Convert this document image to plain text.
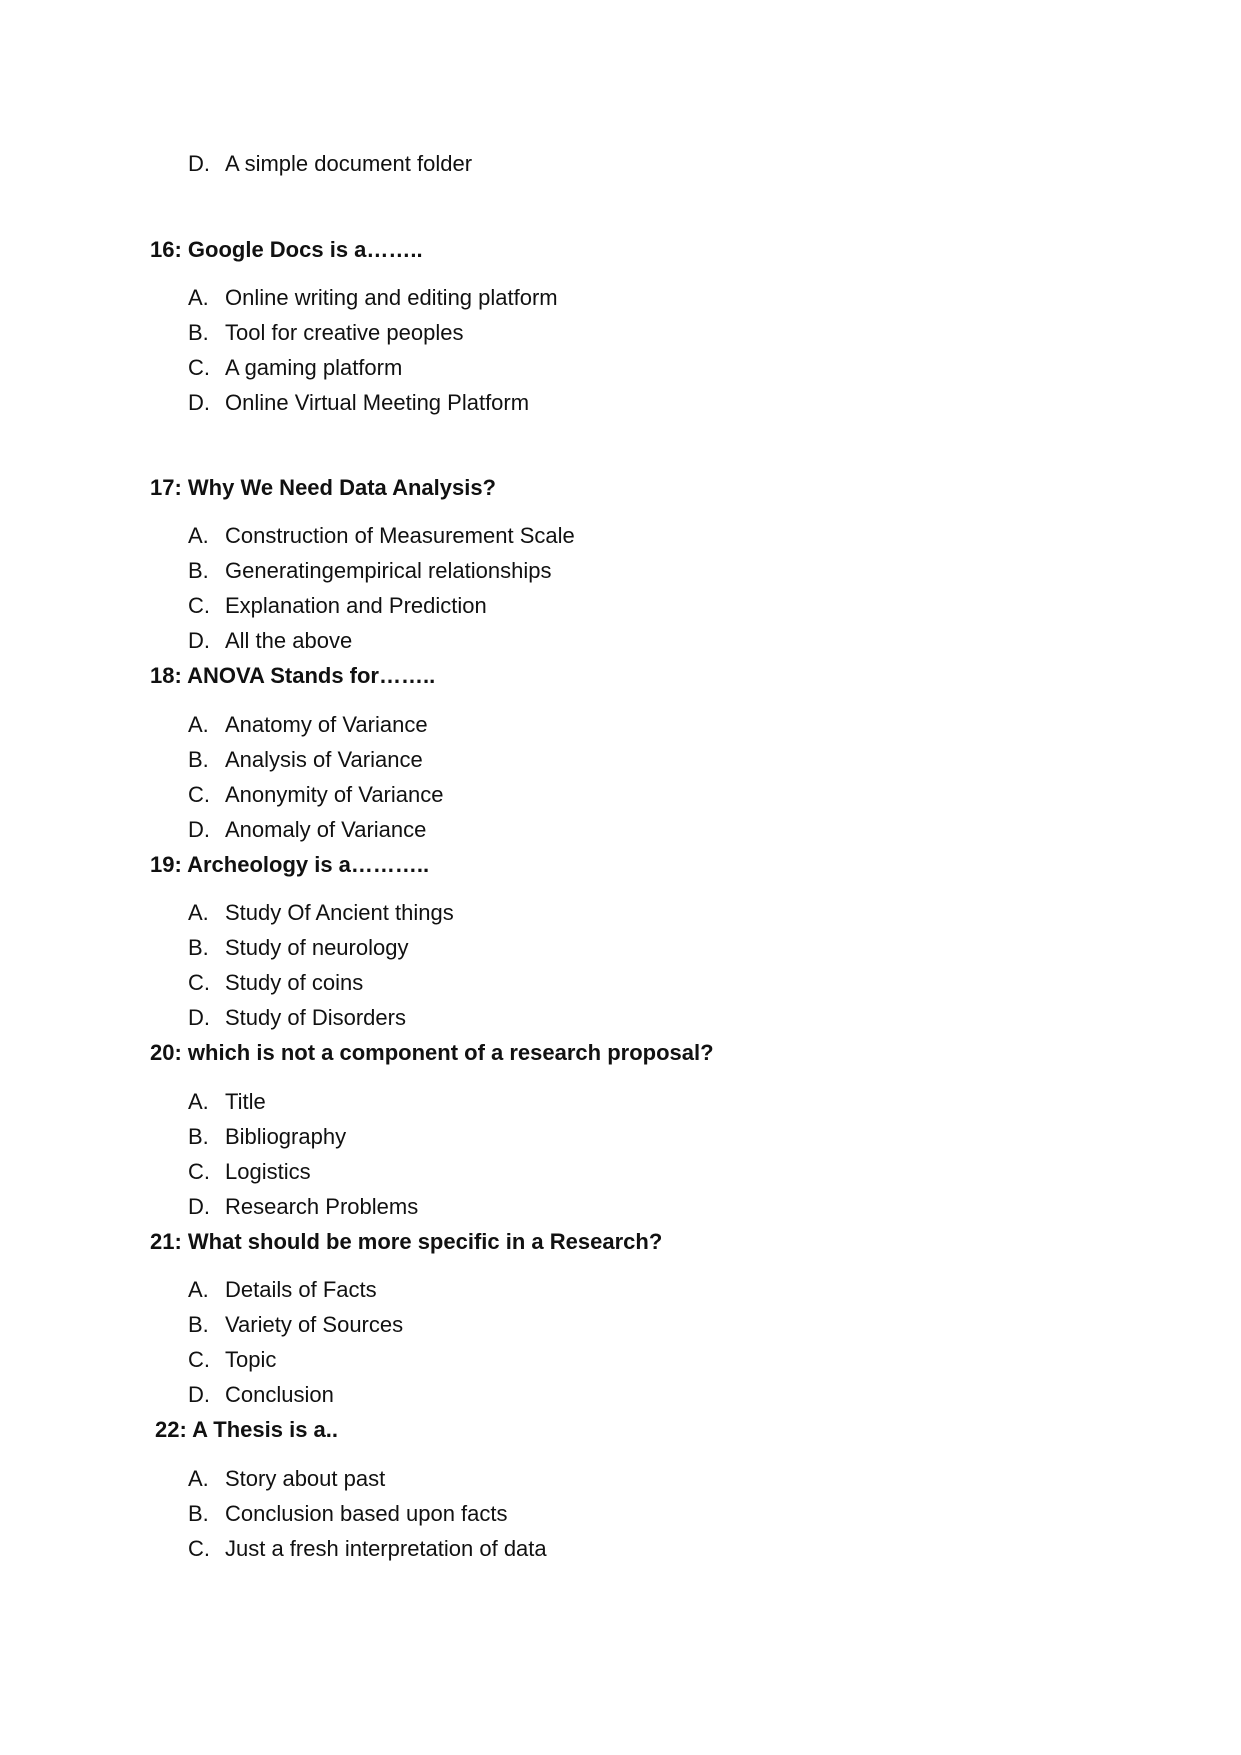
D. A simple document folder
16: Google Docs is a……..
A. Online writing and editing platform
B. Tool for creative peoples
C. A gaming platform
D. Online Virtual Meeting Platform
17: Why We Need Data Analysis?
A. Construction of Measurement Scale
B. Generatingempirical relationships
C. Explanation and Prediction
D. All the above
18: ANOVA Stands for……..
A. Anatomy of Variance
B. Analysis of Variance
C. Anonymity of Variance
D. Anomaly of Variance
19: Archeology is a………..
A. Study Of Ancient things
B. Study of neurology
C. Study of coins
D. Study of Disorders
20: which is not a component of a research proposal?
A. Title
B. Bibliography
C. Logistics
D. Research Problems
21: What should be more specific in a Research?
A. Details of Facts
B. Variety of Sources
C. Topic
D. Conclusion
22: A Thesis is a..
A. Story about past
B. Conclusion based upon facts
C. Just a fresh interpretation of data
